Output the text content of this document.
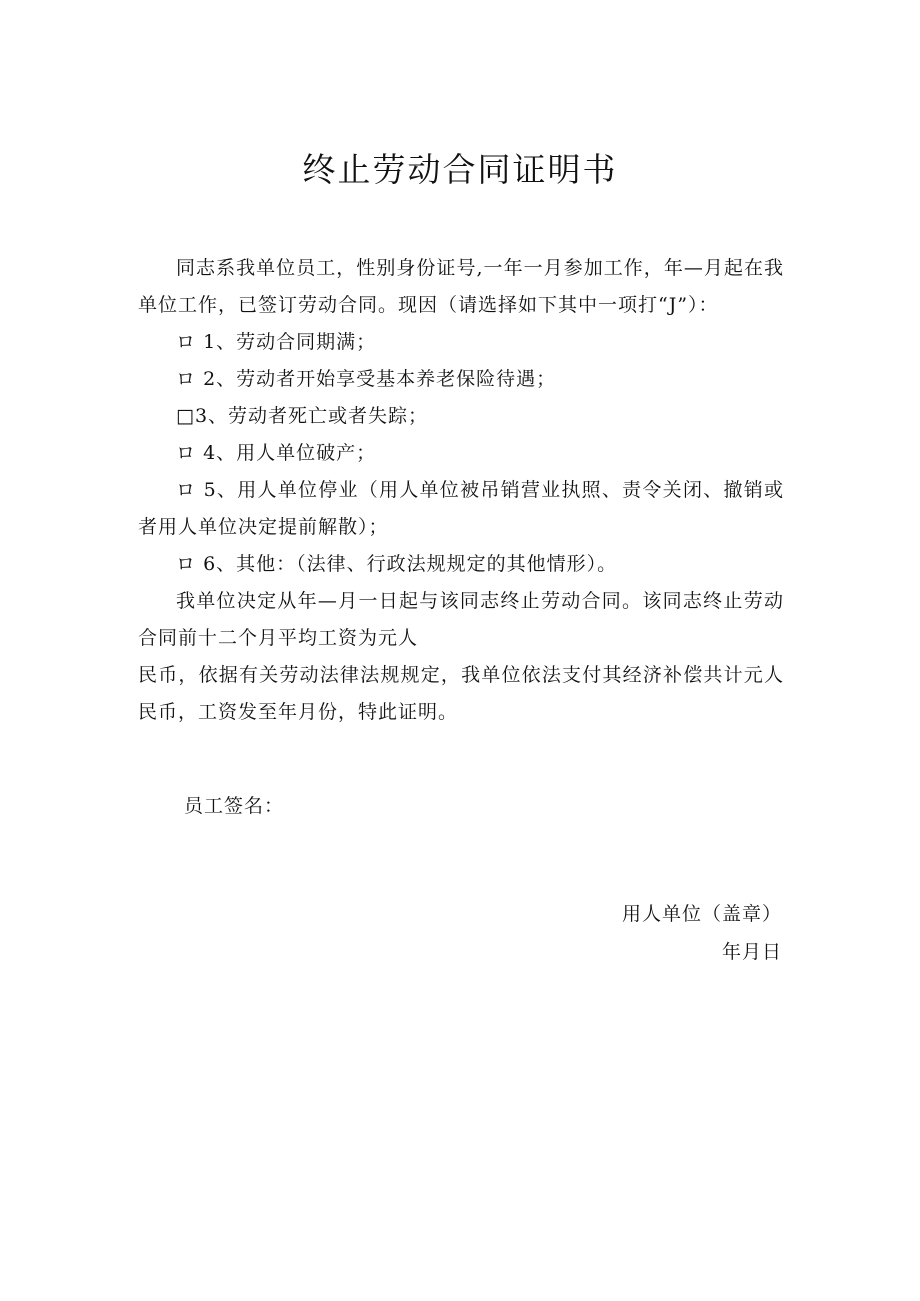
终止劳动合同证明书

同志系我单位员工，性别身份证号,一年一月参加工作，年—月起在我单位工作，已签订劳动合同。现因（请选择如下其中一项打“J”）：

ロ 1、劳动合同期满；

ロ 2、劳动者开始享受基本养老保险待遇；

□3、劳动者死亡或者失踪；

ロ 4、用人单位破产；

ロ 5、用人单位停业（用人单位被吊销营业执照、责令关闭、撤销或者用人单位决定提前解散）；

ロ 6、其他：（法律、行政法规规定的其他情形）。

我单位决定从年—月一日起与该同志终止劳动合同。该同志终止劳动合同前十二个月平均工资为元人

民币，依据有关劳动法律法规规定，我单位依法支付其经济补偿共计元人民币，工资发至年月份，特此证明。

员工签名：

用人单位（盖章）

年月日
